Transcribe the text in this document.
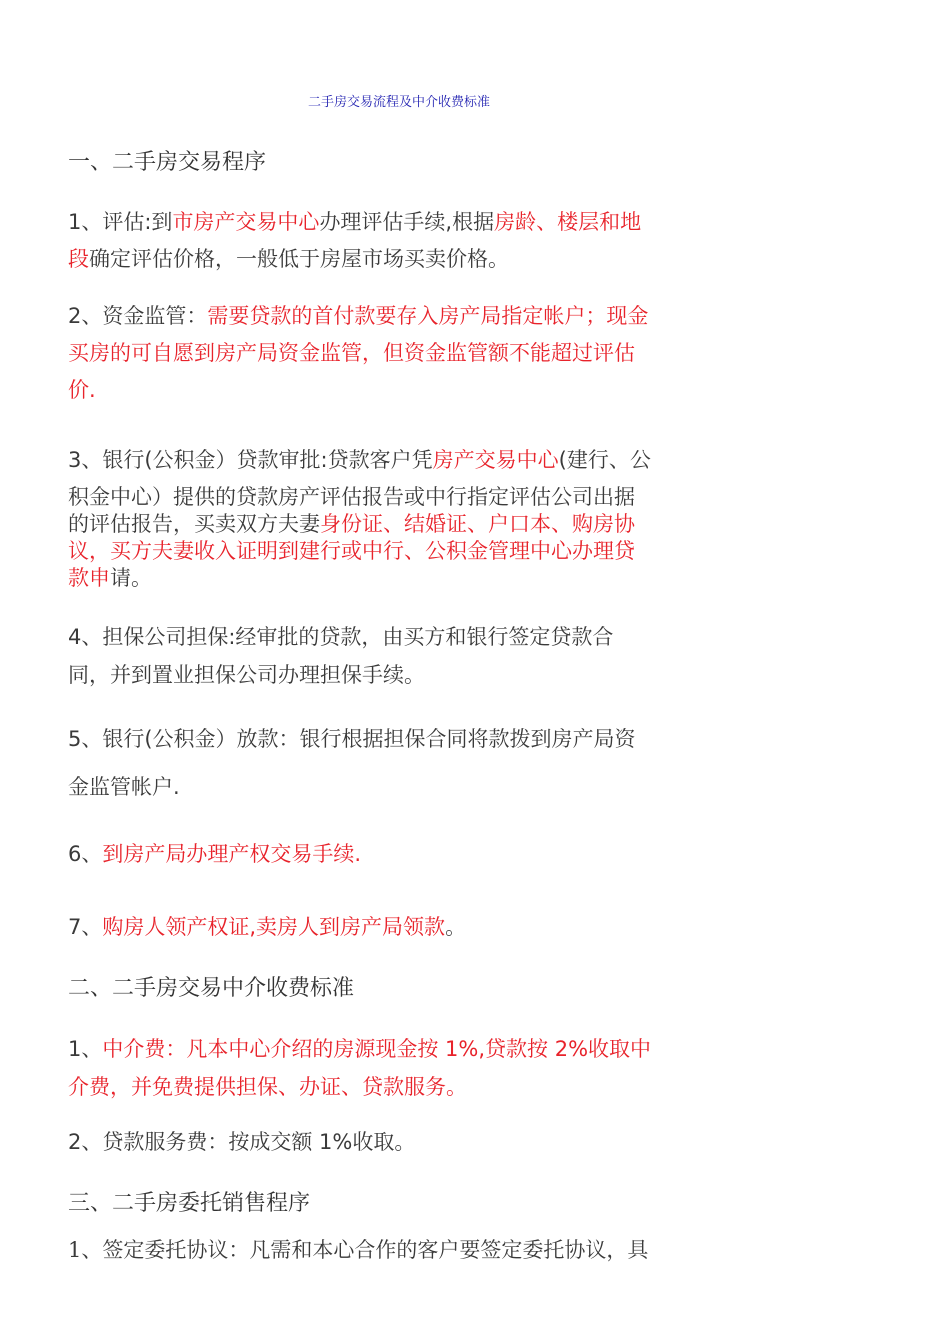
二手房交易流程及中介收费标准
一、二手房交易程序
1、评估:到市房产交易中心办理评估手续,根据房龄、楼层和地
段确定评估价格，一般低于房屋市场买卖价格。
2、资金监管：需要贷款的首付款要存入房产局指定帐户；现金
买房的可自愿到房产局资金监管，但资金监管额不能超过评估
价.
3、银行(公积金）贷款审批:贷款客户凭房产交易中心(建行、公
积金中心）提供的贷款房产评估报告或中行指定评估公司出据
的评估报告，买卖双方夫妻身份证、结婚证、户口本、购房协
议，买方夫妻收入证明到建行或中行、公积金管理中心办理贷
款申请。
4、担保公司担保:经审批的贷款，由买方和银行签定贷款合
同，并到置业担保公司办理担保手续。
5、银行(公积金）放款：银行根据担保合同将款拨到房产局资
金监管帐户.
6、到房产局办理产权交易手续.
7、购房人领产权证,卖房人到房产局领款。
二、二手房交易中介收费标准
1、中介费：凡本中心介绍的房源现金按 1%,贷款按 2%收取中
介费，并免费提供担保、办证、贷款服务。
2、贷款服务费：按成交额 1%收取。
三、二手房委托销售程序
1、签定委托协议：凡需和本心合作的客户要签定委托协议，具
